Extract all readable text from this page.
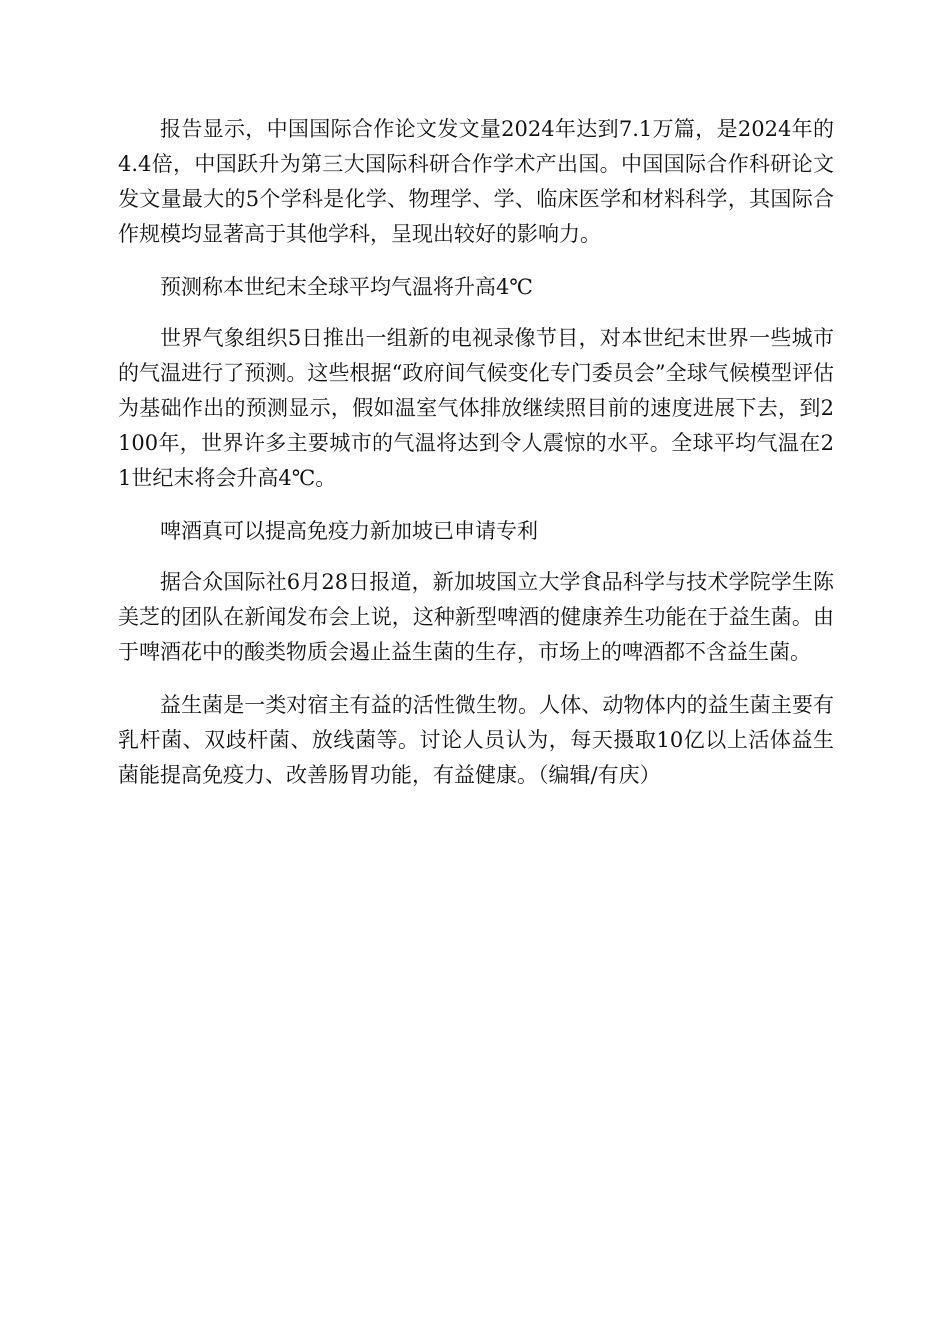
报告显示，中国国际合作论文发文量2024年达到7.1万篇，是2024年的4.4倍，中国跃升为第三大国际科研合作学术产出国。中国国际合作科研论文发文量最大的5个学科是化学、物理学、学、临床医学和材料科学，其国际合作规模均显著高于其他学科，呈现出较好的影响力。

预测称本世纪末全球平均气温将升高4℃

世界气象组织5日推出一组新的电视录像节目，对本世纪末世界一些城市的气温进行了预测。这些根据“政府间气候变化专门委员会”全球气候模型评估为基础作出的预测显示，假如温室气体排放继续照目前的速度进展下去，到2100年，世界许多主要城市的气温将达到令人震惊的水平。全球平均气温在21世纪末将会升高4℃。

啤酒真可以提高免疫力新加坡已申请专利

据合众国际社6月28日报道，新加坡国立大学食品科学与技术学院学生陈美芝的团队在新闻发布会上说，这种新型啤酒的健康养生功能在于益生菌。由于啤酒花中的酸类物质会遏止益生菌的生存，市场上的啤酒都不含益生菌。

益生菌是一类对宿主有益的活性微生物。人体、动物体内的益生菌主要有乳杆菌、双歧杆菌、放线菌等。讨论人员认为，每天摄取10亿以上活体益生菌能提高免疫力、改善肠胃功能，有益健康。（编辑/有庆）
